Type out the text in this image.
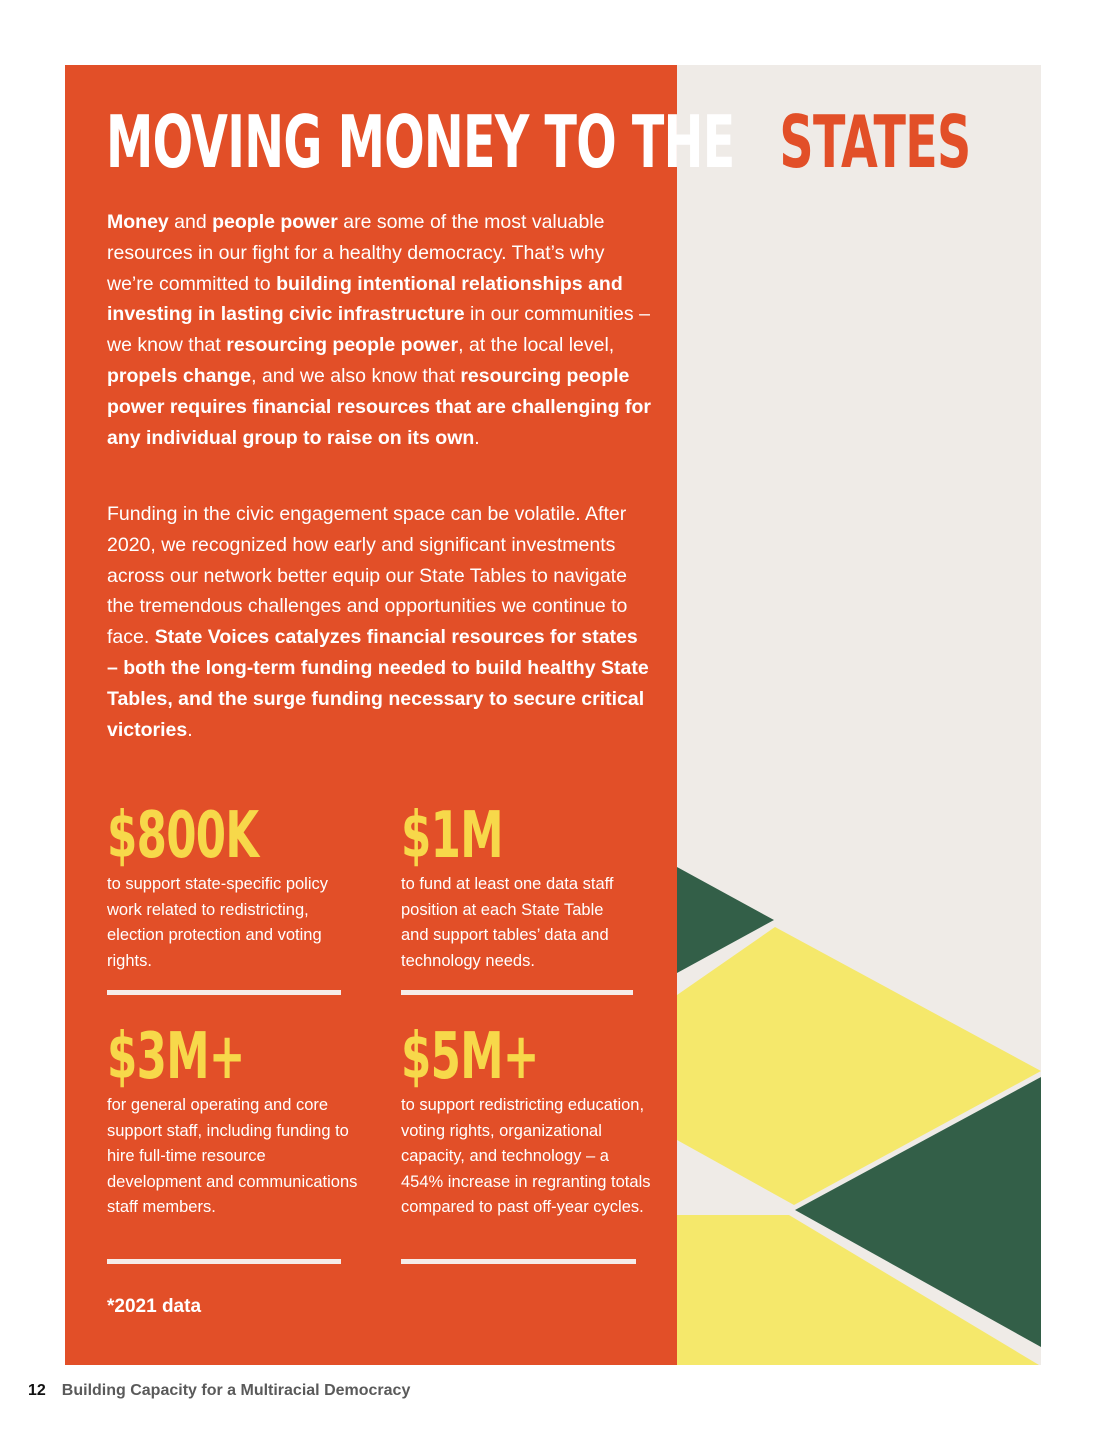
MOVING MONEY TO THE STATES

Money and people power are some of the most valuable resources in our fight for a healthy democracy. That’s why we’re committed to building intentional relationships and investing in lasting civic infrastructure in our communities – we know that resourcing people power, at the local level, propels change, and we also know that resourcing people power requires financial resources that are challenging for any individual group to raise on its own.

Funding in the civic engagement space can be volatile. After 2020, we recognized how early and significant investments across our network better equip our State Tables to navigate the tremendous challenges and opportunities we continue to face. State Voices catalyzes financial resources for states – both the long-term funding needed to build healthy State Tables, and the surge funding necessary to secure critical victories.

$800K

to support state-specific policy work related to redistricting, election protection and voting rights.

$1M

to fund at least one data staff position at each State Table and support tables’ data and technology needs.

$3M+

for general operating and core support staff, including funding to hire full-time resource development and communications staff members.

$5M+

to support redistricting education, voting rights, organizational capacity, and technology – a 454% increase in regranting totals compared to past off-year cycles.

*2021 data

12 Building Capacity for a Multiracial Democracy
